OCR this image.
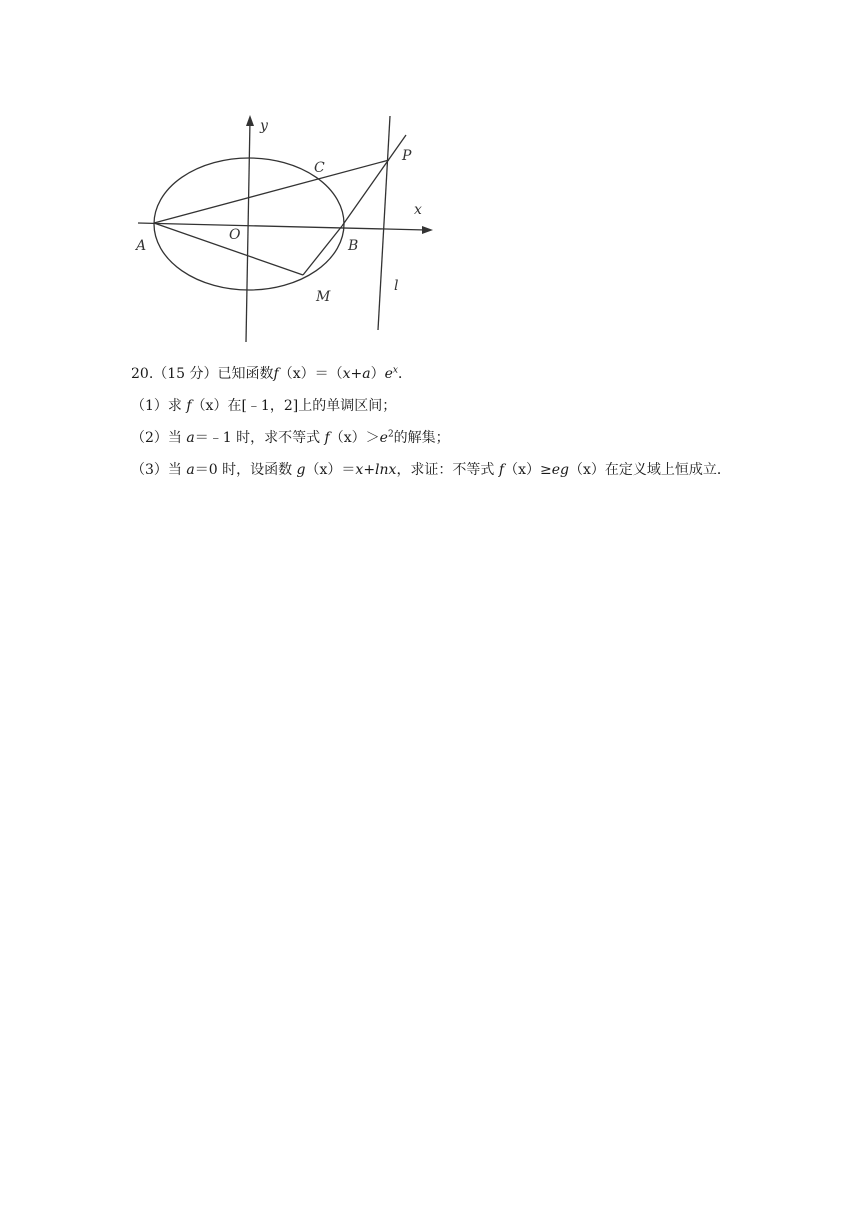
y
C
P
x
A
O
B
M
l
20.（15 分）已知函数$f(x)=(x+a)e^x$．
（1）求 f（x）在[﹣1，2]上的单调区间；
（2）当 a＝﹣1 时，求不等式 $f(x)>e^2$的解集；
（3）当 a＝0 时，设函数 g（x）＝x+lnx，求证：不等式 f（x）≥eg（x）在定义域上恒成立．
